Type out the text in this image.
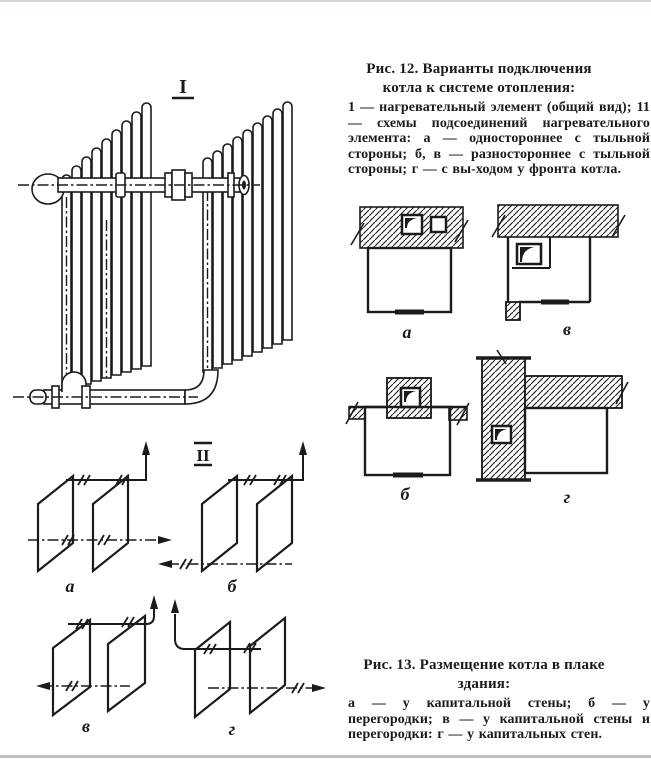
I
II
а	б
в	г
а	в
б	г
Рис. 12. Варианты подключения
котла к системе отопления:

1 — нагревательный элемент (общий вид); 11 — схемы подсоединений нагревательного элемента: а — одностороннее с тыльной стороны; б, в — разностороннее с тыльной стороны; г — с вы-ходом у фронта котла.

Рис. 13. Размещение котла в плаке
здания:

а — у капитальной стены; б — у перегородки; в — у капитальной стены и перегородки: г — у капитальных стен.
